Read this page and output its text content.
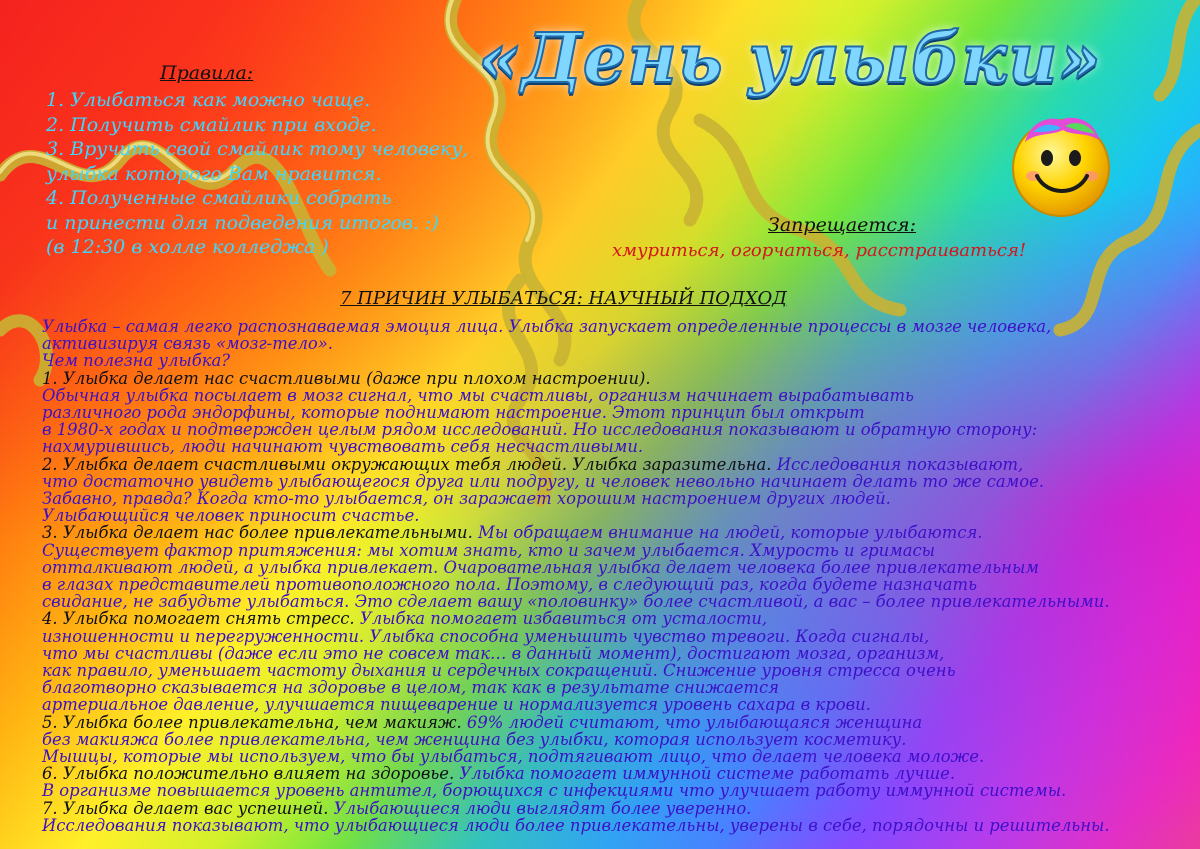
«День улыбки»
Правила:
1. Улыбаться как можно чаще.
2. Получить смайлик при входе.
3. Вручить свой смайлик тому человеку,
улыбка которого Вам нравится.
4. Полученные смайлики собрать
и принести для подведения итогов. :)
(в 12:30 в холле колледжа )
Запрещается:
хмуриться, огорчаться, расстраиваться!
7 ПРИЧИН УЛЫБАТЬСЯ: НАУЧНЫЙ ПОДХОД
Улыбка – самая легко распознаваемая эмоция лица. Улыбка запускает определенные процессы в мозге человека,
активизируя связь «мозг-тело».
Чем полезна улыбка?
1. Улыбка делает нас счастливыми (даже при плохом настроении).
Обычная улыбка посылает в мозг сигнал, что мы счастливы, организм начинает вырабатывать
различного рода эндорфины, которые поднимают настроение. Этот принцип был открыт
в 1980-х годах и подтвержден целым рядом исследований. Но исследования показывают и обратную сторону:
нахмурившись, люди начинают чувствовать себя несчастливыми.
2. Улыбка делает счастливыми окружающих тебя людей. Улыбка заразительна. Исследования показывают,
что достаточно увидеть улыбающегося друга или подругу, и человек невольно начинает делать то же самое.
Забавно, правда? Когда кто-то улыбается, он заражает хорошим настроением других людей.
Улыбающийся человек приносит счастье.
3. Улыбка делает нас более привлекательными. Мы обращаем внимание на людей, которые улыбаются.
Существует фактор притяжения: мы хотим знать, кто и зачем улыбается. Хмурость и гримасы
отталкивают людей, а улыбка привлекает. Очаровательная улыбка делает человека более привлекательным
в глазах представителей противоположного пола. Поэтому, в следующий раз, когда будете назначать
свидание, не забудьте улыбаться. Это сделает вашу «половинку» более счастливой, а вас – более привлекательными.
4. Улыбка помогает снять стресс. Улыбка помогает избавиться от усталости,
изношенности и перегруженности. Улыбка способна уменьшить чувство тревоги. Когда сигналы,
что мы счастливы (даже если это не совсем так… в данный момент), достигают мозга, организм,
как правило, уменьшает частоту дыхания и сердечных сокращений. Снижение уровня стресса очень
благотворно сказывается на здоровье в целом, так как в результате снижается
артериальное давление, улучшается пищеварение и нормализуется уровень сахара в крови.
5. Улыбка более привлекательна, чем макияж. 69% людей считают, что улыбающаяся женщина
без макияжа более привлекательна, чем женщина без улыбки, которая использует косметику.
Мышцы, которые мы используем, что бы улыбаться, подтягивают лицо, что делает человека моложе.
6. Улыбка положительно влияет на здоровье. Улыбка помогает иммунной системе работать лучше.
В организме повышается уровень антител, борющихся с инфекциями что улучшает работу иммунной системы.
7. Улыбка делает вас успешней. Улыбающиеся люди выглядят более уверенно.
Исследования показывают, что улыбающиеся люди более привлекательны, уверены в себе, порядочны и решительны.
